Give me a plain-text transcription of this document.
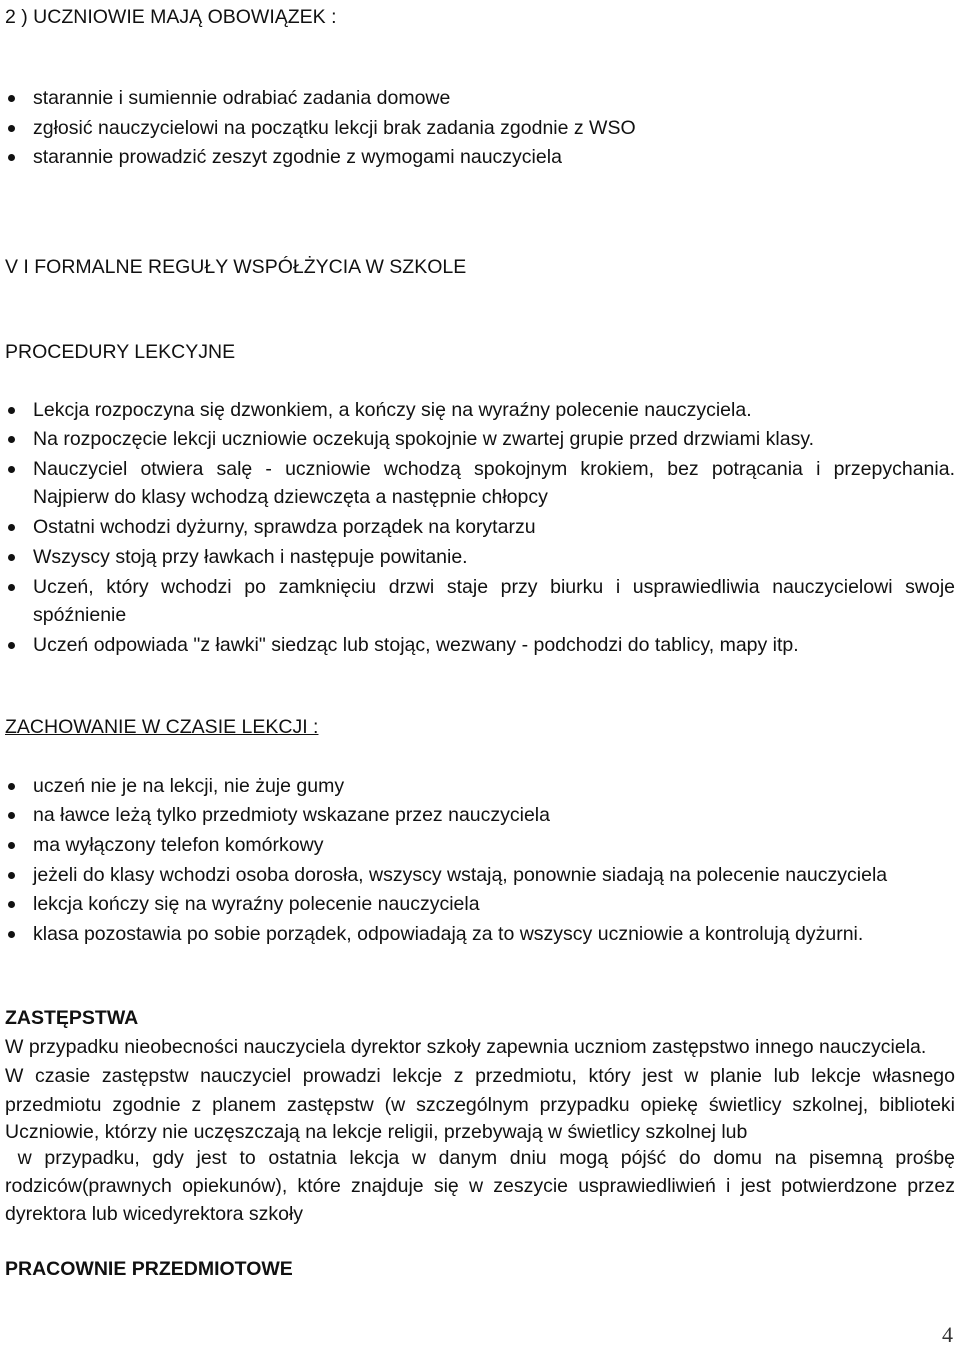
2 ) UCZNIOWIE MAJĄ OBOWIĄZEK :
starannie i sumiennie odrabiać zadania domowe
zgłosić nauczycielowi na początku lekcji brak zadania zgodnie z WSO
starannie prowadzić zeszyt zgodnie z wymogami nauczyciela
V I FORMALNE REGUŁY WSPÓŁŻYCIA W SZKOLE
PROCEDURY LEKCYJNE
Lekcja rozpoczyna się dzwonkiem, a kończy się na wyraźny polecenie nauczyciela.
Na rozpoczęcie lekcji uczniowie oczekują spokojnie w zwartej grupie przed drzwiami klasy.
Nauczyciel otwiera salę - uczniowie wchodzą spokojnym krokiem, bez potrącania i przepychania.
Najpierw do klasy wchodzą dziewczęta a następnie chłopcy
Ostatni wchodzi dyżurny, sprawdza porządek na korytarzu
Wszyscy stoją przy ławkach i następuje powitanie.
Uczeń, który wchodzi po zamknięciu drzwi staje przy biurku i usprawiedliwia nauczycielowi swoje
spóźnienie
Uczeń odpowiada "z ławki" siedząc lub stojąc, wezwany - podchodzi do tablicy, mapy itp.
ZACHOWANIE W CZASIE LEKCJI :
uczeń nie je na lekcji, nie żuje gumy
na ławce leżą tylko przedmioty wskazane przez nauczyciela
ma wyłączony telefon komórkowy
jeżeli do klasy wchodzi osoba dorosła, wszyscy wstają, ponownie siadają na polecenie nauczyciela
lekcja kończy się na wyraźny polecenie nauczyciela
klasa pozostawia po sobie porządek, odpowiadają za to wszyscy uczniowie a kontrolują dyżurni.
ZASTĘPSTWA
W przypadku nieobecności nauczyciela dyrektor szkoły zapewnia uczniom zastępstwo innego nauczyciela.
W czasie zastępstw nauczyciel prowadzi lekcje z przedmiotu, który jest w planie lub lekcje własnego
przedmiotu zgodnie z planem zastępstw (w szczególnym przypadku opiekę świetlicy szkolnej, biblioteki
Uczniowie, którzy nie uczęszczają na lekcje religii, przebywają w świetlicy szkolnej lub
w przypadku, gdy jest to ostatnia lekcja w danym dniu mogą pójść do domu na pisemną prośbę
rodziców(prawnych opiekunów), które znajduje się w zeszycie usprawiedliwień i jest potwierdzone przez
dyrektora lub wicedyrektora szkoły
PRACOWNIE PRZEDMIOTOWE
4
